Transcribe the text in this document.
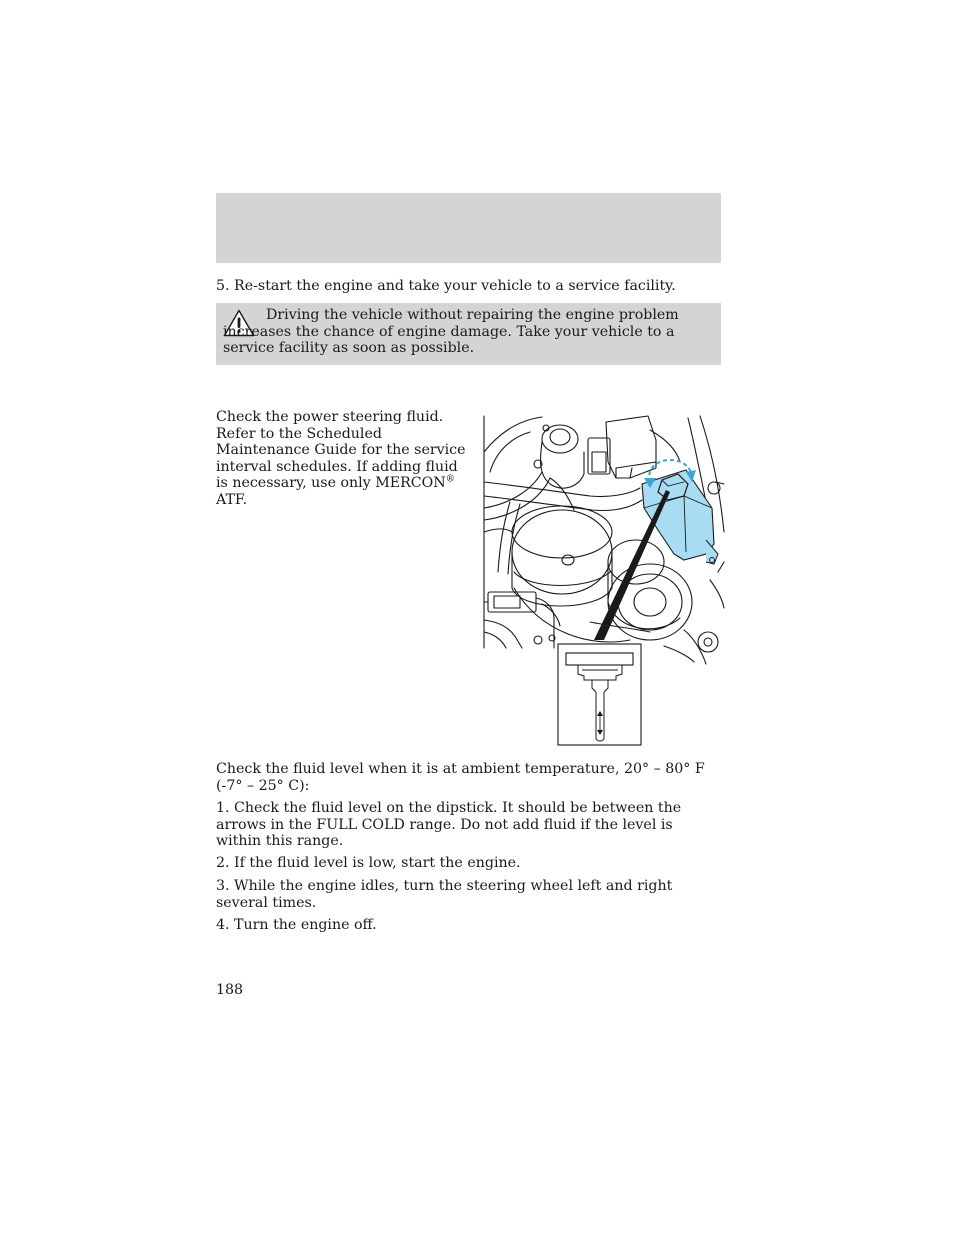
5. Re-start the engine and take your vehicle to a service facility.
Driving the vehicle without repairing the engine problem increases the chance of engine damage. Take your vehicle to a service facility as soon as possible.
Check the power steering fluid. Refer to the Scheduled Maintenance Guide for the service interval schedules. If adding fluid is necessary, use only MERCON® ATF.
Check the fluid level when it is at ambient temperature, 20° – 80° F (-7° – 25° C):
1. Check the fluid level on the dipstick. It should be between the arrows in the FULL COLD range. Do not add fluid if the level is within this range.
2. If the fluid level is low, start the engine.
3. While the engine idles, turn the steering wheel left and right several times.
4. Turn the engine off.
188
